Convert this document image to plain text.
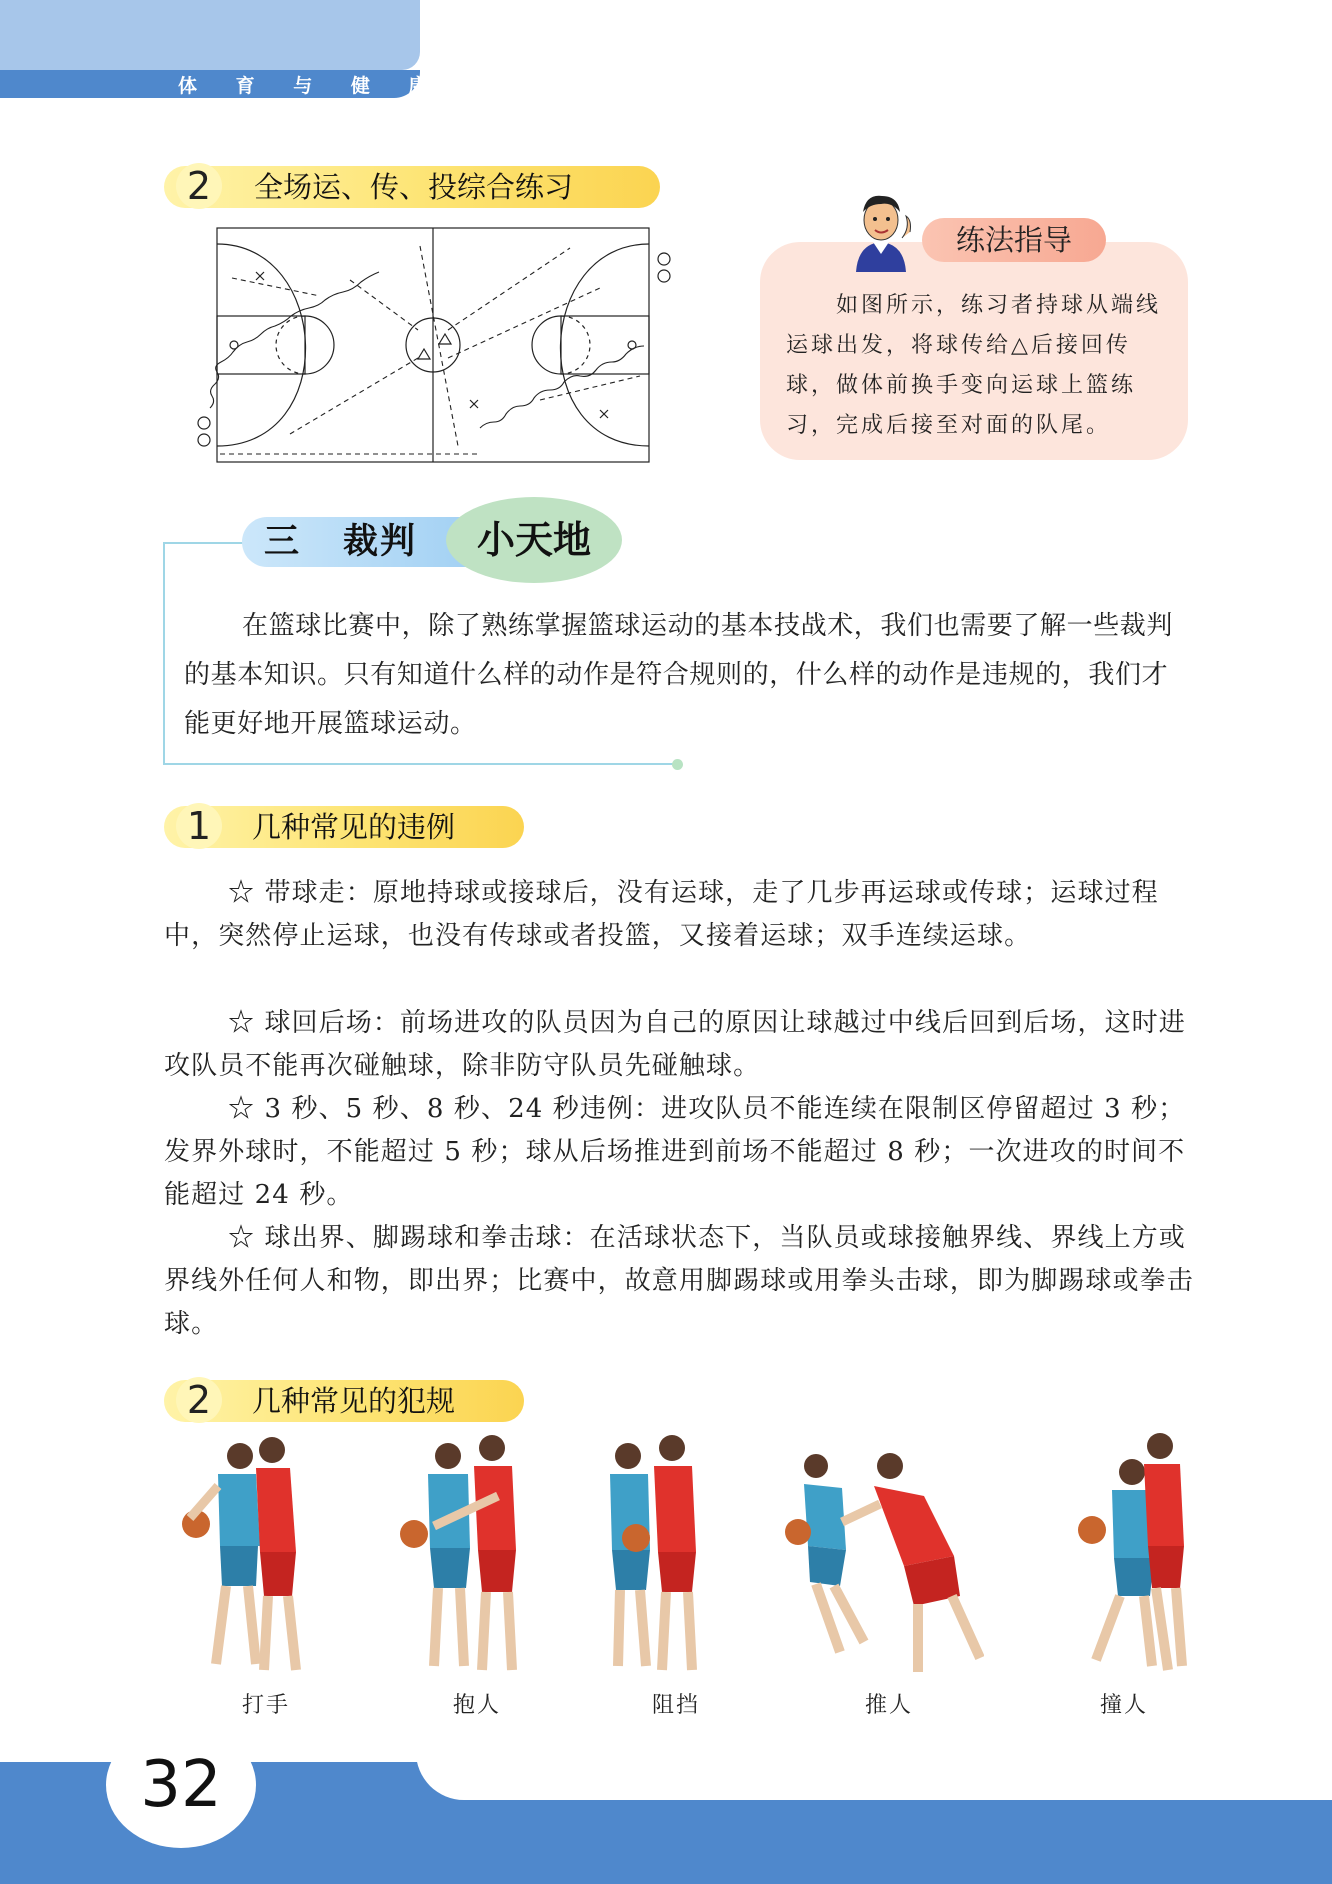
体 育 与 健 康
2	全场运、传、投综合练习
练法指导
如图所示，练习者持球从端线运球出发，将球传给△后接回传球，做体前换手变向运球上篮练习，完成后接至对面的队尾。
三 裁判	小天地
在篮球比赛中，除了熟练掌握篮球运动的基本技战术，我们也需要了解一些裁判的基本知识。只有知道什么样的动作是符合规则的，什么样的动作是违规的，我们才能更好地开展篮球运动。
1	几种常见的违例
☆ 带球走：原地持球或接球后，没有运球，走了几步再运球或传球；运球过程中，突然停止运球，也没有传球或者投篮，又接着运球；双手连续运球。
☆ 球回后场：前场进攻的队员因为自己的原因让球越过中线后回到后场，这时进攻队员不能再次碰触球，除非防守队员先碰触球。
☆ 3 秒、5 秒、8 秒、24 秒违例：进攻队员不能连续在限制区停留超过 3 秒；发界外球时，不能超过 5 秒；球从后场推进到前场不能超过 8 秒；一次进攻的时间不能超过 24 秒。
☆ 球出界、脚踢球和拳击球：在活球状态下，当队员或球接触界线、界线上方或界线外任何人和物，即出界；比赛中，故意用脚踢球或用拳头击球，即为脚踢球或拳击球。
2	几种常见的犯规
打手	抱人	阻挡	推人	撞人
32
